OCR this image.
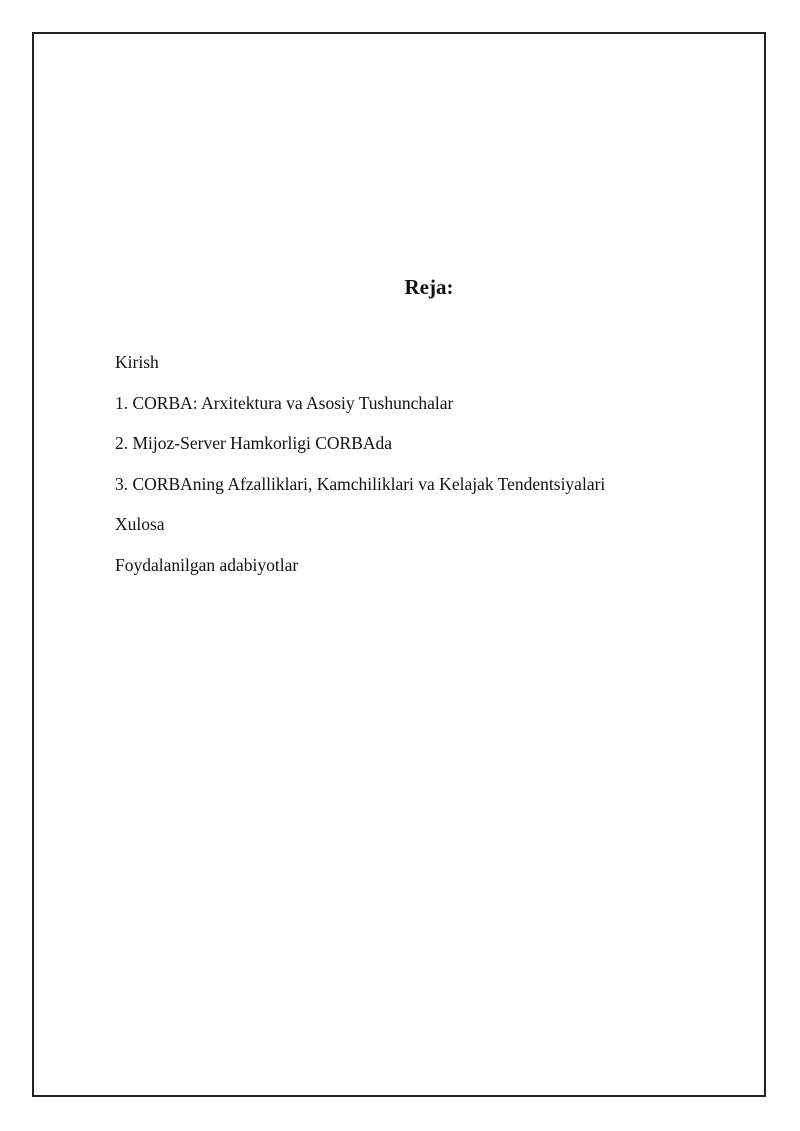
Reja:
Kirish
1. CORBA: Arxitektura va Asosiy Tushunchalar
2. Mijoz-Server Hamkorligi CORBAda
3. CORBAning Afzalliklari, Kamchiliklari va Kelajak Tendentsiyalari
Xulosa
Foydalanilgan adabiyotlar
